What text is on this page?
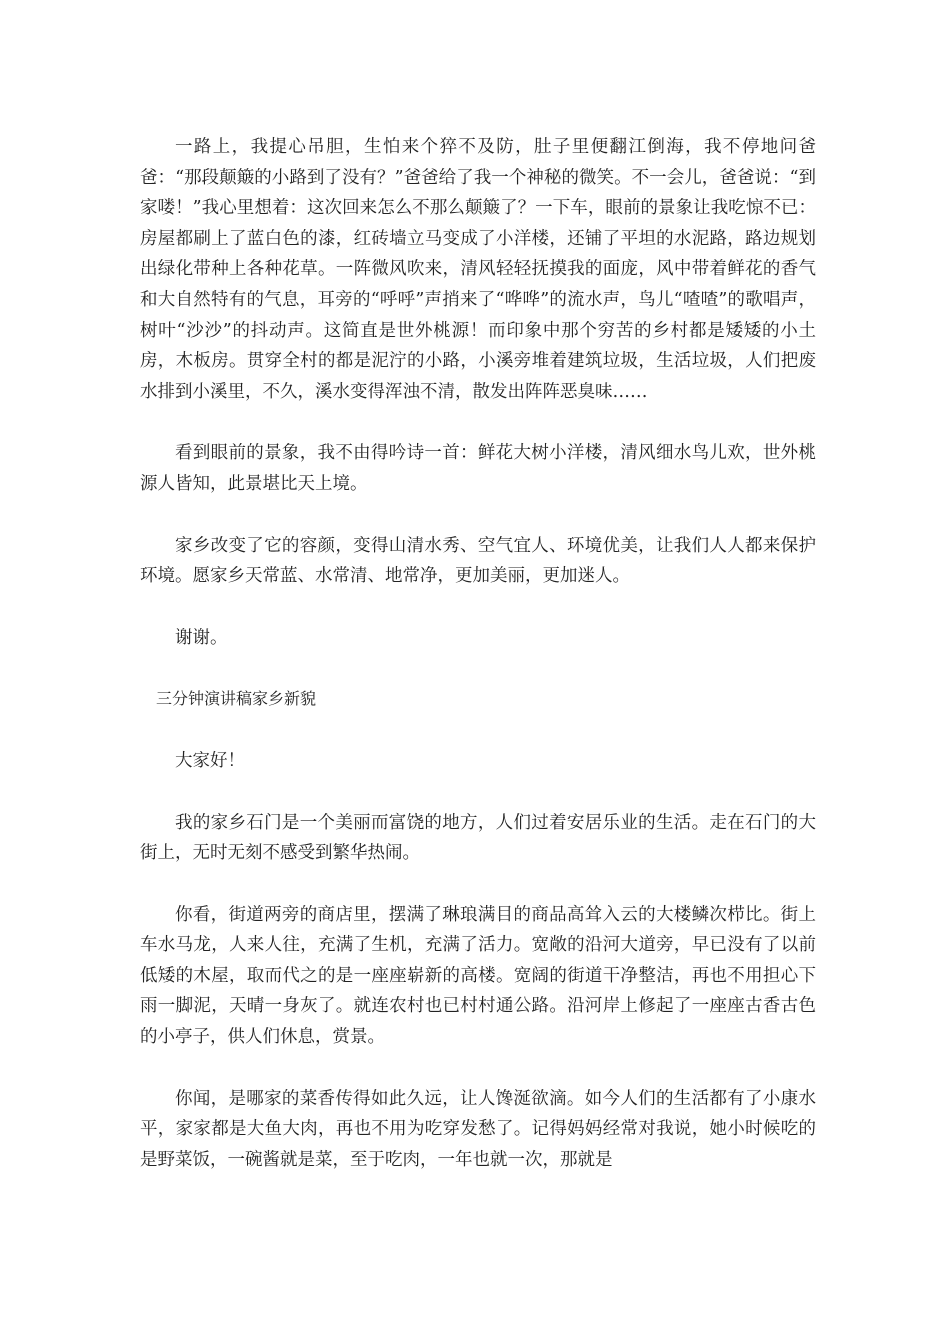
一路上，我提心吊胆，生怕来个猝不及防，肚子里便翻江倒海，我不停地问爸爸：“那段颠簸的小路到了没有？”爸爸给了我一个神秘的微笑。不一会儿，爸爸说：“到家喽！”我心里想着：这次回来怎么不那么颠簸了？一下车，眼前的景象让我吃惊不已：房屋都刷上了蓝白色的漆，红砖墙立马变成了小洋楼，还铺了平坦的水泥路，路边规划出绿化带种上各种花草。一阵微风吹来，清风轻轻抚摸我的面庞，风中带着鲜花的香气和大自然特有的气息，耳旁的“呼呼”声捎来了“哗哗”的流水声，鸟儿“喳喳”的歌唱声，树叶“沙沙”的抖动声。这简直是世外桃源！而印象中那个穷苦的乡村都是矮矮的小土房，木板房。贯穿全村的都是泥泞的小路，小溪旁堆着建筑垃圾，生活垃圾，人们把废水排到小溪里，不久，溪水变得浑浊不清，散发出阵阵恶臭味……

看到眼前的景象，我不由得吟诗一首：鲜花大树小洋楼，清风细水鸟儿欢，世外桃源人皆知，此景堪比天上境。

家乡改变了它的容颜，变得山清水秀、空气宜人、环境优美，让我们人人都来保护环境。愿家乡天常蓝、水常清、地常净，更加美丽，更加迷人。

谢谢。

三分钟演讲稿家乡新貌

大家好！

我的家乡石门是一个美丽而富饶的地方，人们过着安居乐业的生活。走在石门的大街上，无时无刻不感受到繁华热闹。

你看，街道两旁的商店里，摆满了琳琅满目的商品高耸入云的大楼鳞次栉比。街上车水马龙，人来人往，充满了生机，充满了活力。宽敞的沿河大道旁，早已没有了以前低矮的木屋，取而代之的是一座座崭新的高楼。宽阔的街道干净整洁，再也不用担心下雨一脚泥，天晴一身灰了。就连农村也已村村通公路。沿河岸上修起了一座座古香古色的小亭子，供人们休息，赏景。

你闻，是哪家的菜香传得如此久远，让人馋涎欲滴。如今人们的生活都有了小康水平，家家都是大鱼大肉，再也不用为吃穿发愁了。记得妈妈经常对我说，她小时候吃的是野菜饭，一碗酱就是菜，至于吃肉，一年也就一次，那就是
